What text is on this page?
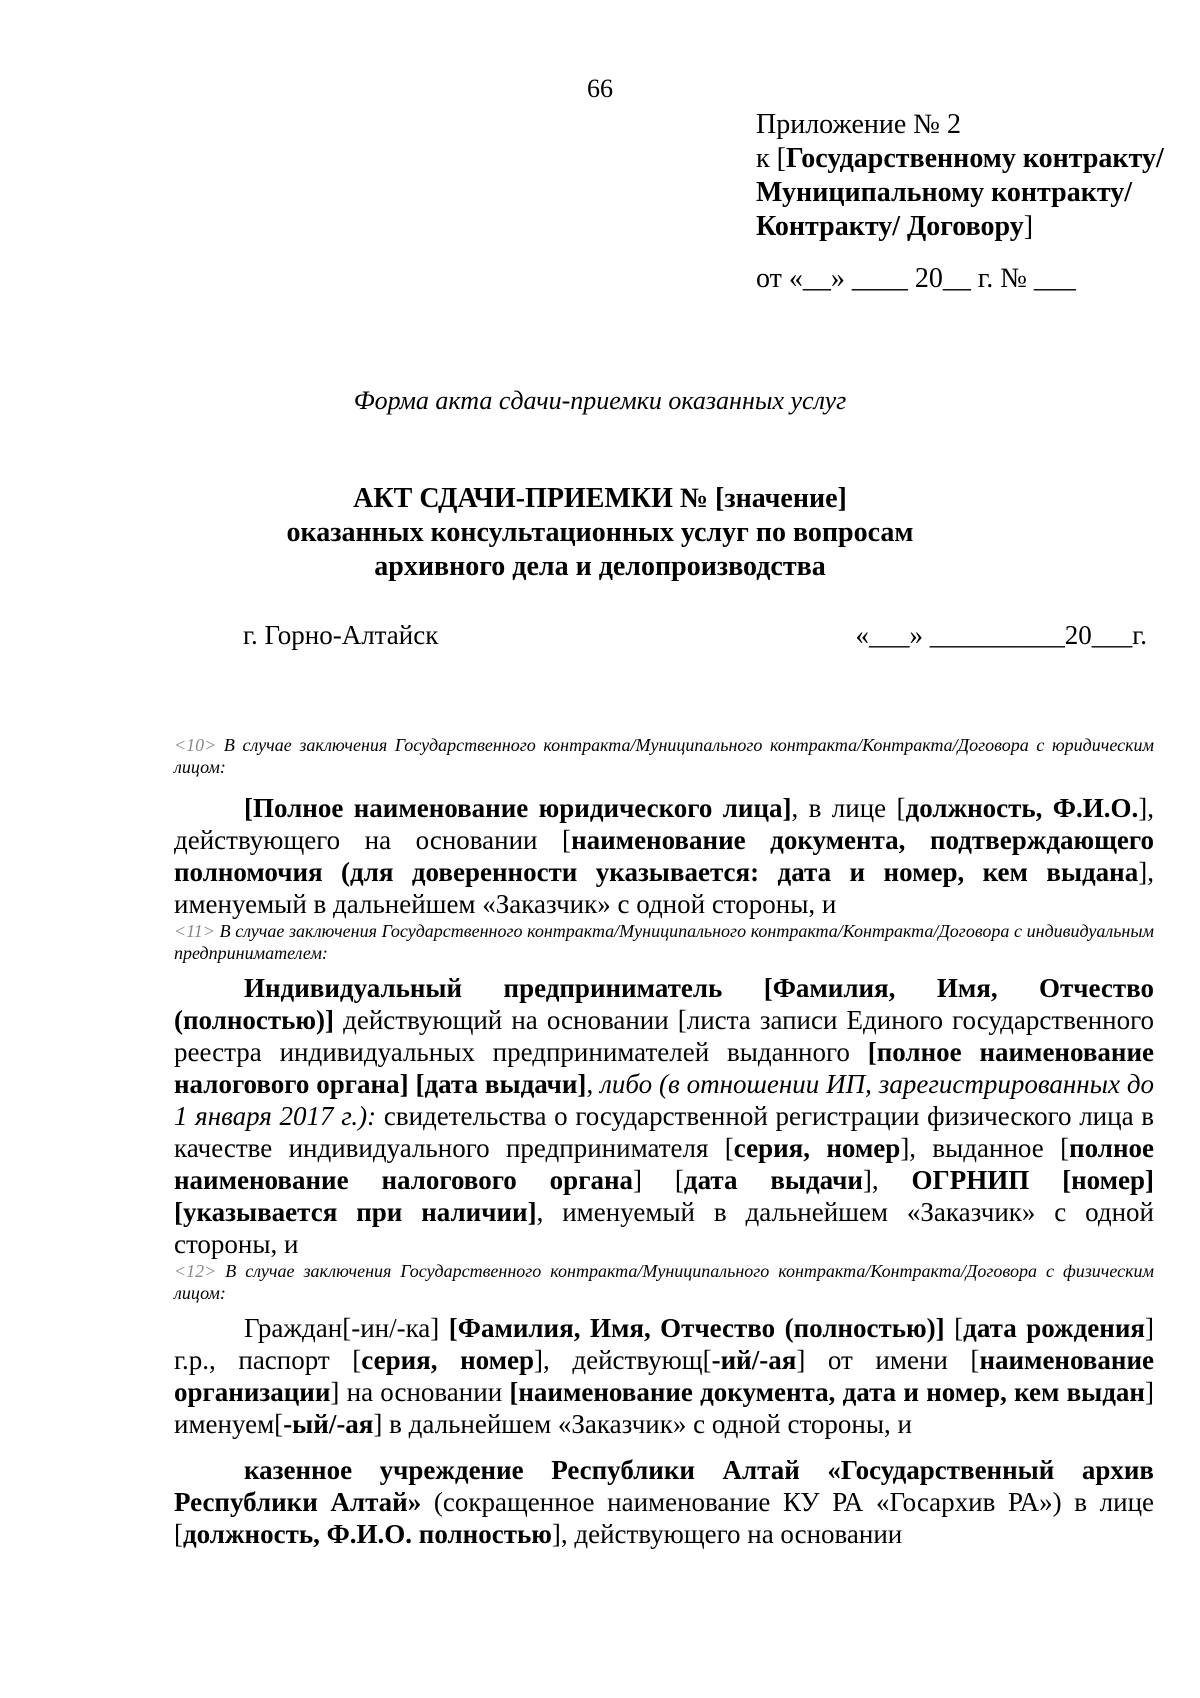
66
Приложение № 2
к [Государственному контракту/Муниципальному контракту/Контракту/ Договору]
от «__» ____ 20__ г. № ___
Форма акта сдачи-приемки оказанных услуг
АКТ СДАЧИ-ПРИЕМКИ № [значение]
оказанных консультационных услуг по вопросам
архивного дела и делопроизводства
г. Горно-Алтайск	«___» __________20___г.
<10> В случае заключения Государственного контракта/Муниципального контракта/Контракта/Договора с юридическим лицом:

[Полное наименование юридического лица], в лице [должность, Ф.И.О.], действующего на основании [наименование документа, подтверждающего полномочия (для доверенности указывается: дата и номер, кем выдана], именуемый в дальнейшем «Заказчик» с одной стороны, и

<11> В случае заключения Государственного контракта/Муниципального контракта/Контракта/Договора с индивидуальным предпринимателем:

Индивидуальный предприниматель [Фамилия, Имя, Отчество (полностью)] действующий на основании [листа записи Единого государственного реестра индивидуальных предпринимателей выданного [полное наименование налогового органа] [дата выдачи], либо (в отношении ИП, зарегистрированных до 1 января 2017 г.): свидетельства о государственной регистрации физического лица в качестве индивидуального предпринимателя [серия, номер], выданное [полное наименование налогового органа] [дата выдачи], ОГРНИП [номер] [указывается при наличии], именуемый в дальнейшем «Заказчик» с одной стороны, и

<12> В случае заключения Государственного контракта/Муниципального контракта/Контракта/Договора с физическим лицом:

Граждан[-ин/-ка] [Фамилия, Имя, Отчество (полностью)] [дата рождения] г.р., паспорт [серия, номер], действующ[-ий/-ая] от имени [наименование организации] на основании [наименование документа, дата и номер, кем выдан] именуем[-ый/-ая] в дальнейшем «Заказчик» с одной стороны, и

казенное учреждение Республики Алтай «Государственный архив Республики Алтай» (сокращенное наименование КУ РА «Госархив РА») в лице [должность, Ф.И.О. полностью], действующего на основании
